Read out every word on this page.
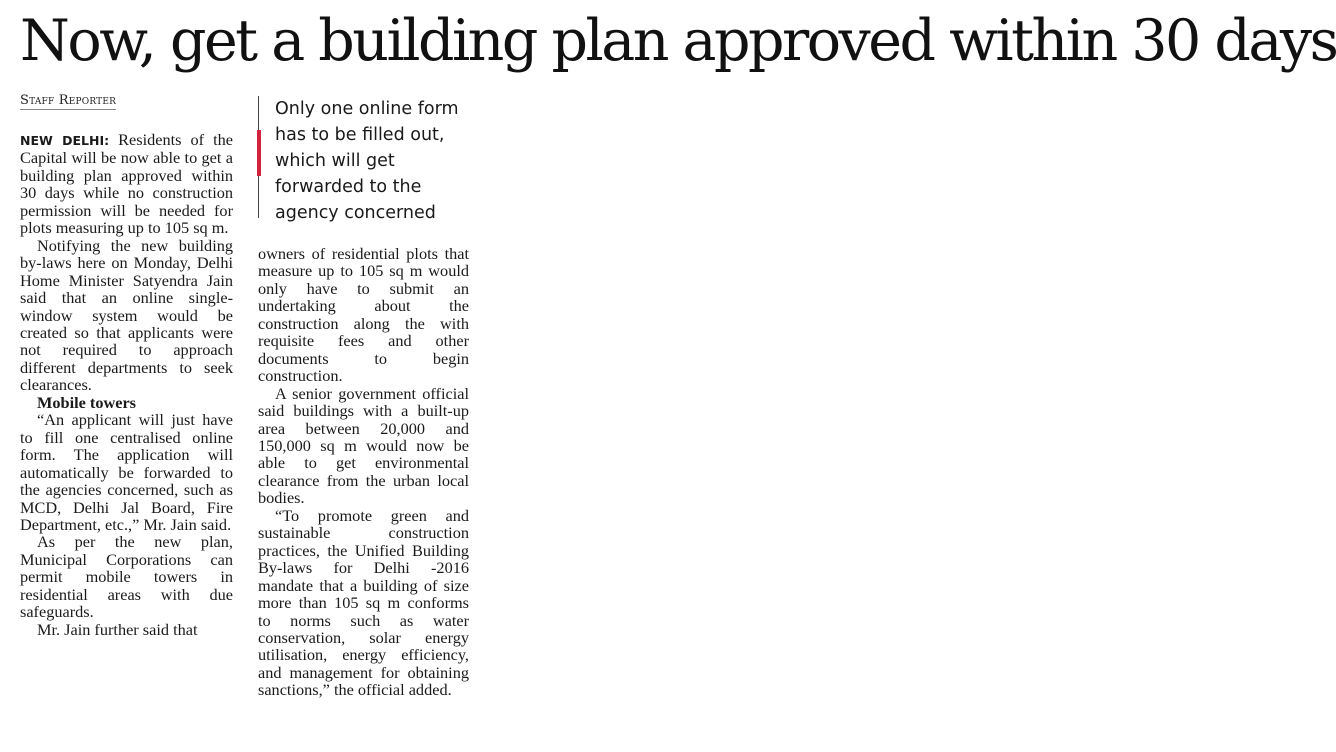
Now, get a building plan approved within 30 days
Staff Reporter	Only one online form has to be filled out, which will get forwarded to the agency concerned

NEW DELHI: Residents of the Capital will be now able to get a building plan approved within 30 days while no construction permission will be needed for plots measuring up to 105 sq m.

Notifying the new building by-laws here on Monday, Delhi Home Minister Satyendra Jain said that an online single-window system would be created so that applicants were not required to approach different departments to seek clearances.

Mobile towers

“An applicant will just have to fill one centralised online form. The application will automatically be forwarded to the agencies concerned, such as MCD, Delhi Jal Board, Fire Department, etc.,” Mr. Jain said.

As per the new plan, Municipal Corporations can permit mobile towers in residential areas with due safeguards.

Mr. Jain further said that

owners of residential plots that measure up to 105 sq m would only have to submit an undertaking about the construction along the with requisite fees and other documents to begin construction.

A senior government official said buildings with a built-up area between 20,000 and 150,000 sq m would now be able to get environmental clearance from the urban local bodies.

“To promote green and sustainable construction practices, the Unified Building By-laws for Delhi -2016 mandate that a building of size more than 105 sq m conforms to norms such as water conservation, solar energy utilisation, energy efficiency, and management for obtaining sanctions,” the official added.
